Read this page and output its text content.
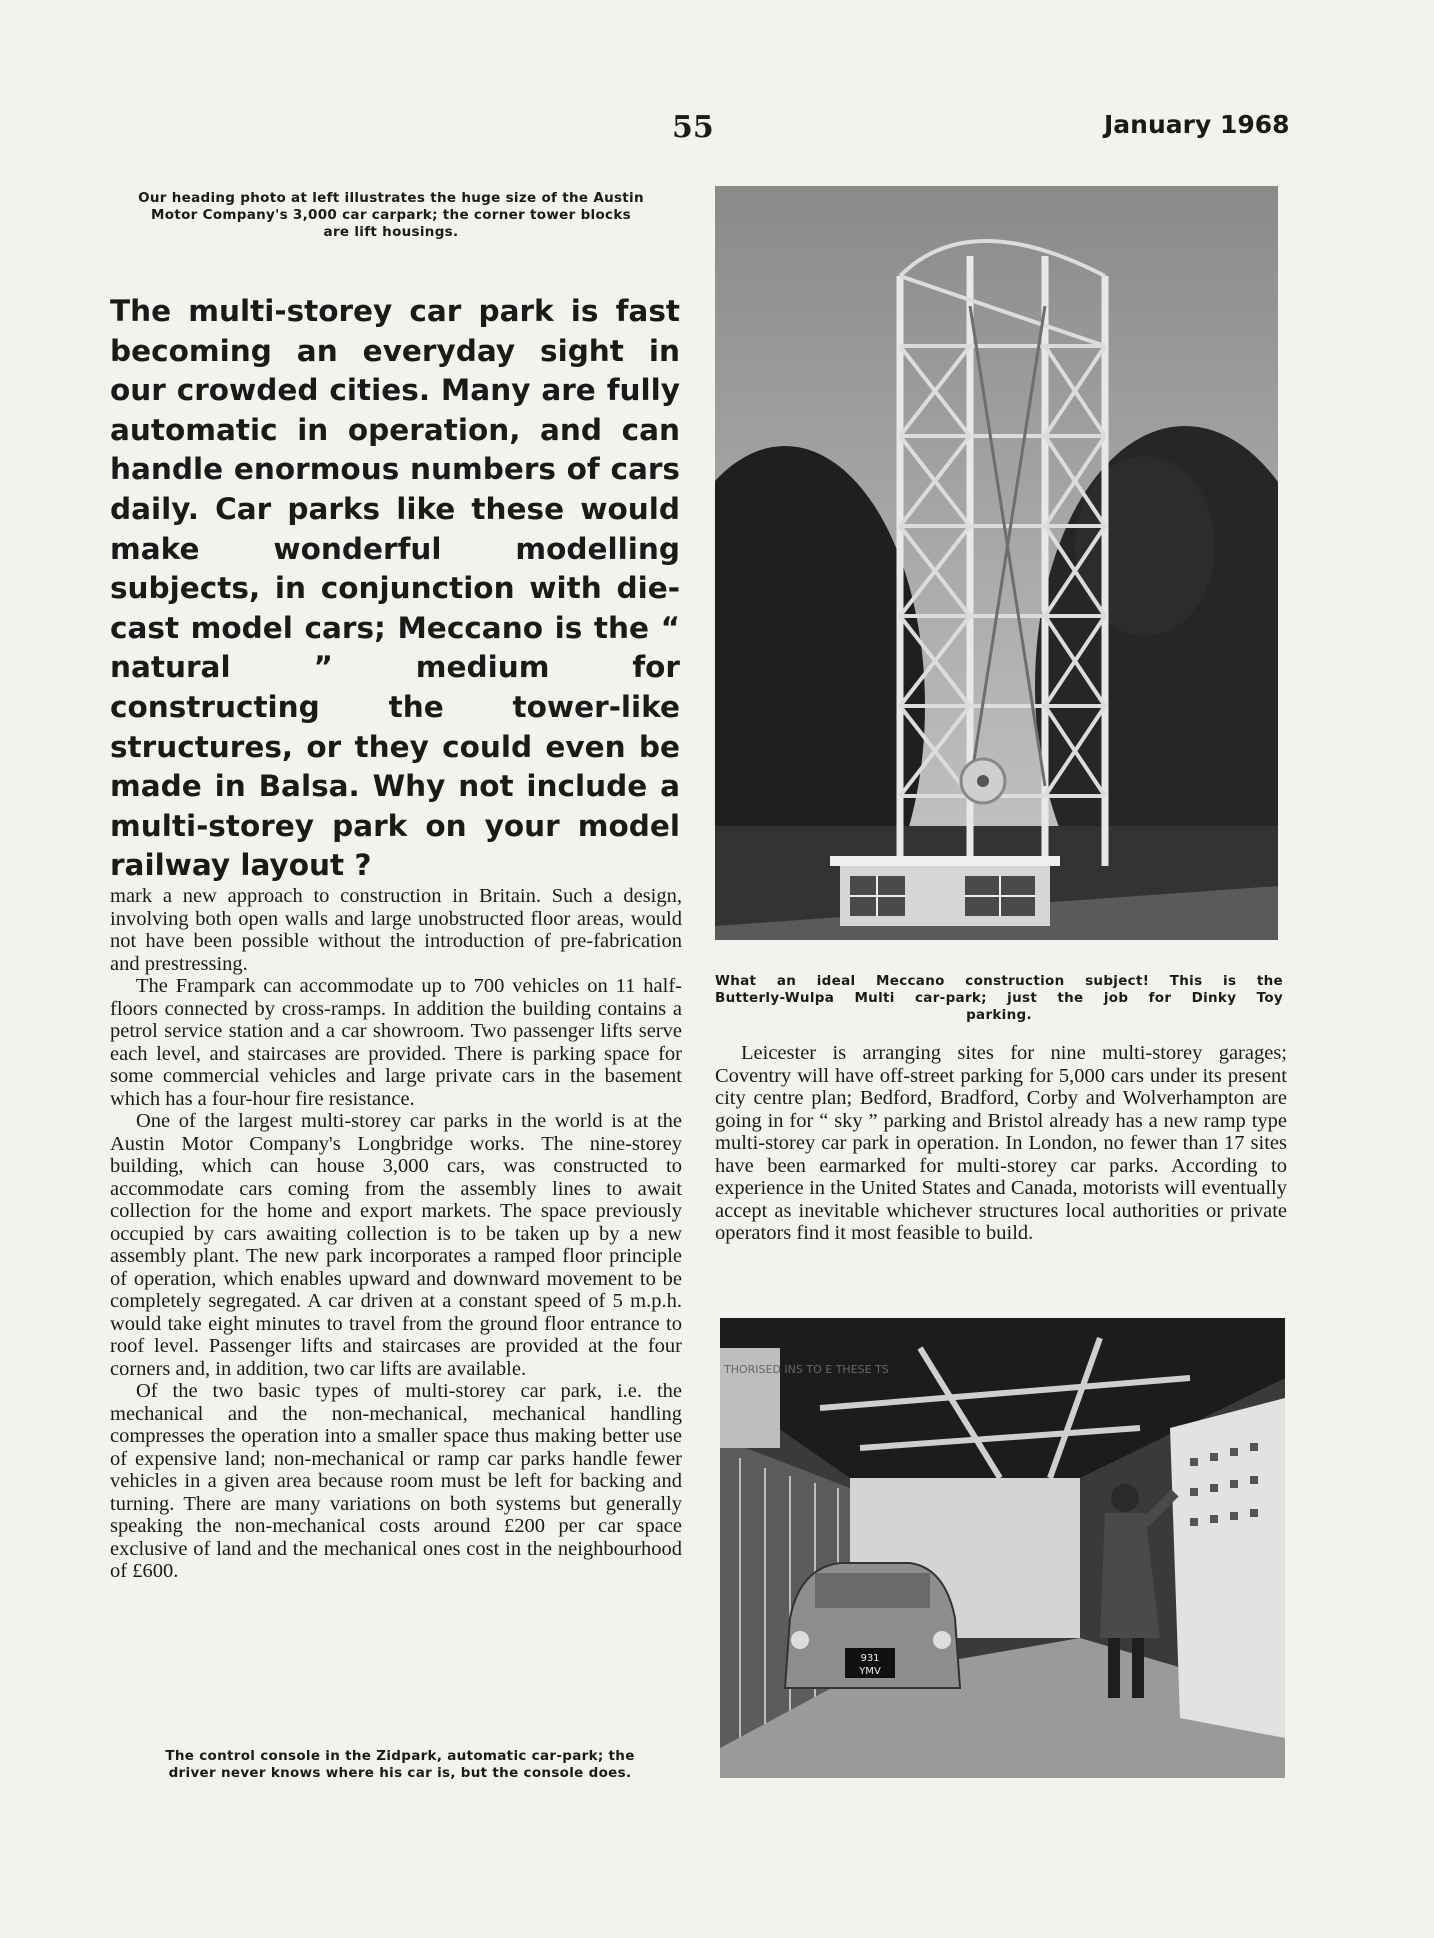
55	January 1968
Our heading photo at left illustrates the huge size of the Austin
Motor Company's 3,000 car carpark; the corner tower blocks
are lift housings.
The multi-storey car park is fast becoming an everyday sight in our crowded cities. Many are fully automatic in operation, and can handle enormous numbers of cars daily. Car parks like these would make wonderful modelling subjects, in conjunction with die-cast model cars; Meccano is the “ natural ” medium for constructing the tower-like structures, or they could even be made in Balsa. Why not include a multi-storey park on your model railway layout ?

mark a new approach to construction in Britain. Such a design, involving both open walls and large unobstructed floor areas, would not have been possible without the introduction of pre-fabrication and prestressing.

The Frampark can accommodate up to 700 vehicles on 11 half-floors connected by cross-ramps. In addition the building contains a petrol service station and a car showroom. Two passenger lifts serve each level, and staircases are provided. There is parking space for some commercial vehicles and large private cars in the basement which has a four-hour fire resistance.

One of the largest multi-storey car parks in the world is at the Austin Motor Company's Longbridge works. The nine-storey building, which can house 3,000 cars, was constructed to accommodate cars coming from the assembly lines to await collection for the home and export markets. The space previously occupied by cars awaiting collection is to be taken up by a new assembly plant. The new park incorporates a ramped floor principle of operation, which enables upward and downward movement to be completely segregated. A car driven at a constant speed of 5 m.p.h. would take eight minutes to travel from the ground floor entrance to roof level. Passenger lifts and staircases are provided at the four corners and, in addition, two car lifts are available.

Of the two basic types of multi-storey car park, i.e. the mechanical and the non-mechanical, mechanical handling compresses the operation into a smaller space thus making better use of expensive land; non-mechanical or ramp car parks handle fewer vehicles in a given area because room must be left for backing and turning. There are many variations on both systems but generally speaking the non-mechanical costs around £200 per car space exclusive of land and the mechanical ones cost in the neighbourhood of £600.

The control console in the Zidpark, automatic car-park; the
driver never knows where his car is, but the console does.
What an ideal Meccano construction subject! This is the
Butterly-Wulpa Multi car-park; just the job for Dinky Toy
parking.

Leicester is arranging sites for nine multi-storey garages; Coventry will have off-street parking for 5,000 cars under its present city centre plan; Bedford, Bradford, Corby and Wolverhampton are going in for “ sky ” parking and Bristol already has a new ramp type multi-storey car park in operation. In London, no fewer than 17 sites have been earmarked for multi-storey car parks. According to experience in the United States and Canada, motorists will eventually accept as inevitable whichever structures local authorities or private operators find it most feasible to build.

THORISED INS TO E THESE TS
931
YMV
